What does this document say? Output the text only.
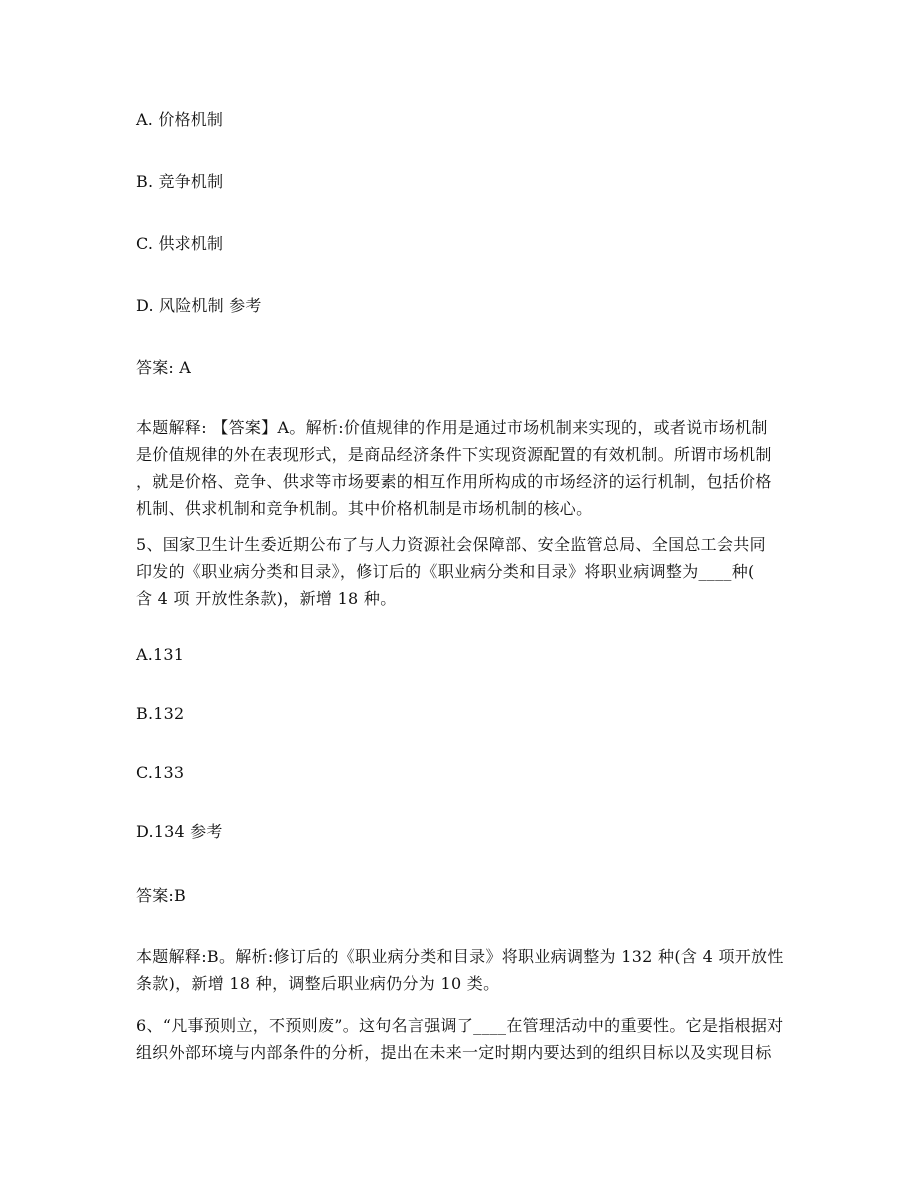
A. 价格机制
B. 竞争机制
C. 供求机制
D. 风险机制 参考
答案: A
本题解释: 【答案】A。解析:价值规律的作用是通过市场机制来实现的，或者说市场机制
是价值规律的外在表现形式，是商品经济条件下实现资源配置的有效机制。所谓市场机制
，就是价格、竞争、供求等市场要素的相互作用所构成的市场经济的运行机制，包括价格
机制、供求机制和竞争机制。其中价格机制是市场机制的核心。
5、国家卫生计生委近期公布了与人力资源社会保障部、安全监管总局、全国总工会共同
印发的《职业病分类和目录》，修订后的《职业病分类和目录》将职业病调整为____种(
含 4 项 开放性条款)，新增 18 种。
A.131
B.132
C.133
D.134 参考
答案:B
本题解释:B。解析:修订后的《职业病分类和目录》将职业病调整为 132 种(含 4 项开放性
条款)，新增 18 种，调整后职业病仍分为 10 类。
6、“凡事预则立，不预则废”。这句名言强调了____在管理活动中的重要性。它是指根据对
组织外部环境与内部条件的分析，提出在未来一定时期内要达到的组织目标以及实现目标
